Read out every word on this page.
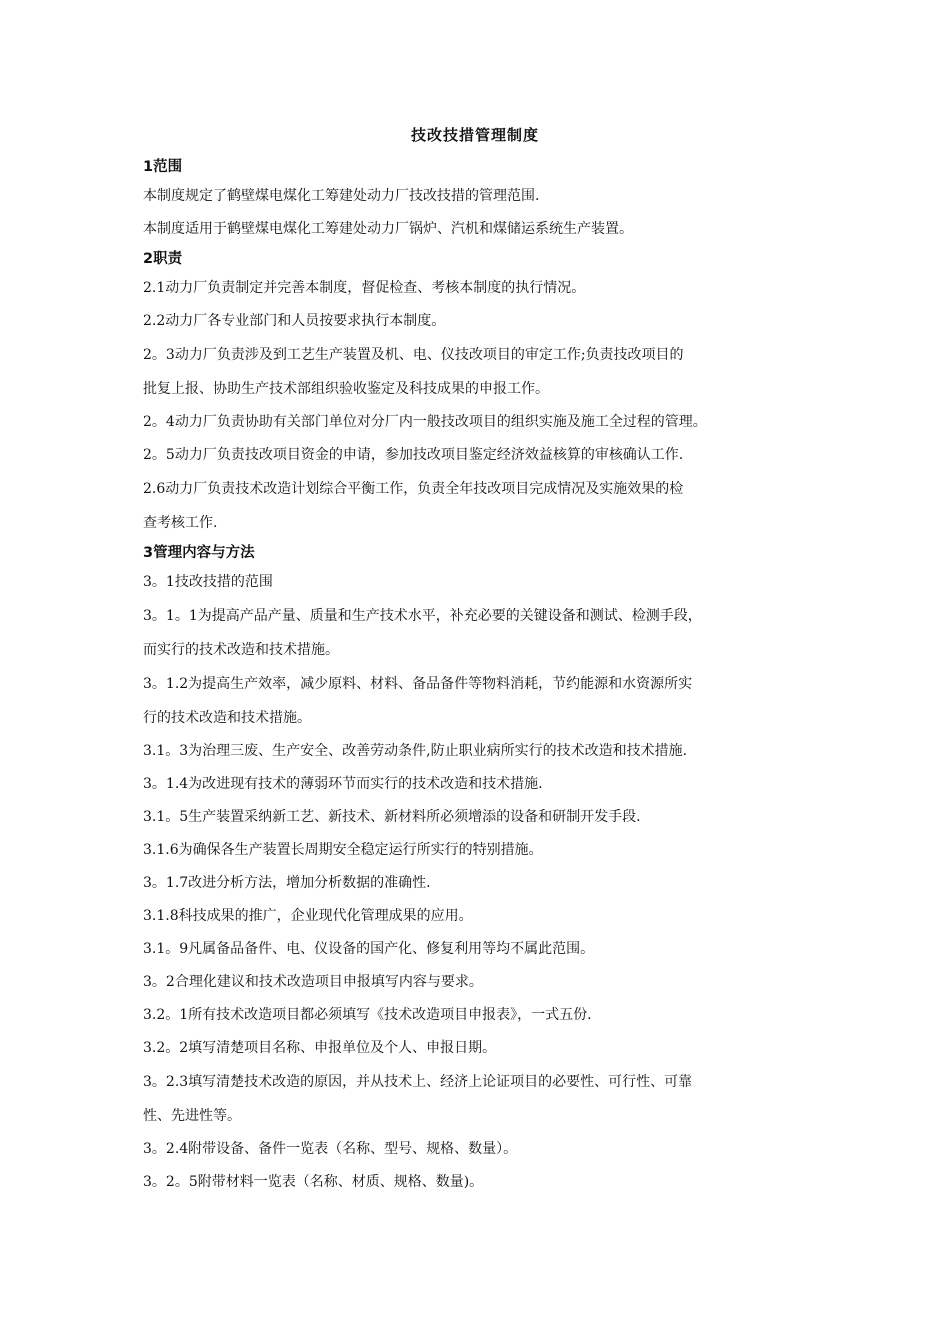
技改技措管理制度
1范围
本制度规定了鹤壁煤电煤化工筹建处动力厂技改技措的管理范围.
本制度适用于鹤壁煤电煤化工筹建处动力厂锅炉、汽机和煤储运系统生产装置。
2职责
2.1动力厂负责制定并完善本制度，督促检查、考核本制度的执行情况。
2.2动力厂各专业部门和人员按要求执行本制度。
2。3动力厂负责涉及到工艺生产装置及机、电、仪技改项目的审定工作;负责技改项目的
批复上报、协助生产技术部组织验收鉴定及科技成果的申报工作。
2。4动力厂负责协助有关部门单位对分厂内一般技改项目的组织实施及施工全过程的管理。
2。5动力厂负责技改项目资金的申请，参加技改项目鉴定经济效益核算的审核确认工作.
2.6动力厂负责技术改造计划综合平衡工作，负责全年技改项目完成情况及实施效果的检
查考核工作.
3管理内容与方法
3。1技改技措的范围
3。1。1为提高产品产量、质量和生产技术水平，补充必要的关键设备和测试、检测手段，
而实行的技术改造和技术措施。
3。1.2为提高生产效率，减少原料、材料、备品备件等物料消耗，节约能源和水资源所实
行的技术改造和技术措施。
3.1。3为治理三废、生产安全、改善劳动条件,防止职业病所实行的技术改造和技术措施.
3。1.4为改进现有技术的薄弱环节而实行的技术改造和技术措施.
3.1。5生产装置采纳新工艺、新技术、新材料所必须增添的设备和研制开发手段.
3.1.6为确保各生产装置长周期安全稳定运行所实行的特别措施。
3。1.7改进分析方法，增加分析数据的准确性.
3.1.8科技成果的推广，企业现代化管理成果的应用。
3.1。9凡属备品备件、电、仪设备的国产化、修复利用等均不属此范围。
3。2合理化建议和技术改造项目申报填写内容与要求。
3.2。1所有技术改造项目都必须填写《技术改造项目申报表》，一式五份.
3.2。2填写清楚项目名称、申报单位及个人、申报日期。
3。2.3填写清楚技术改造的原因，并从技术上、经济上论证项目的必要性、可行性、可靠
性、先进性等。
3。2.4附带设备、备件一览表（名称、型号、规格、数量）。
3。2。5附带材料一览表（名称、材质、规格、数量)。
